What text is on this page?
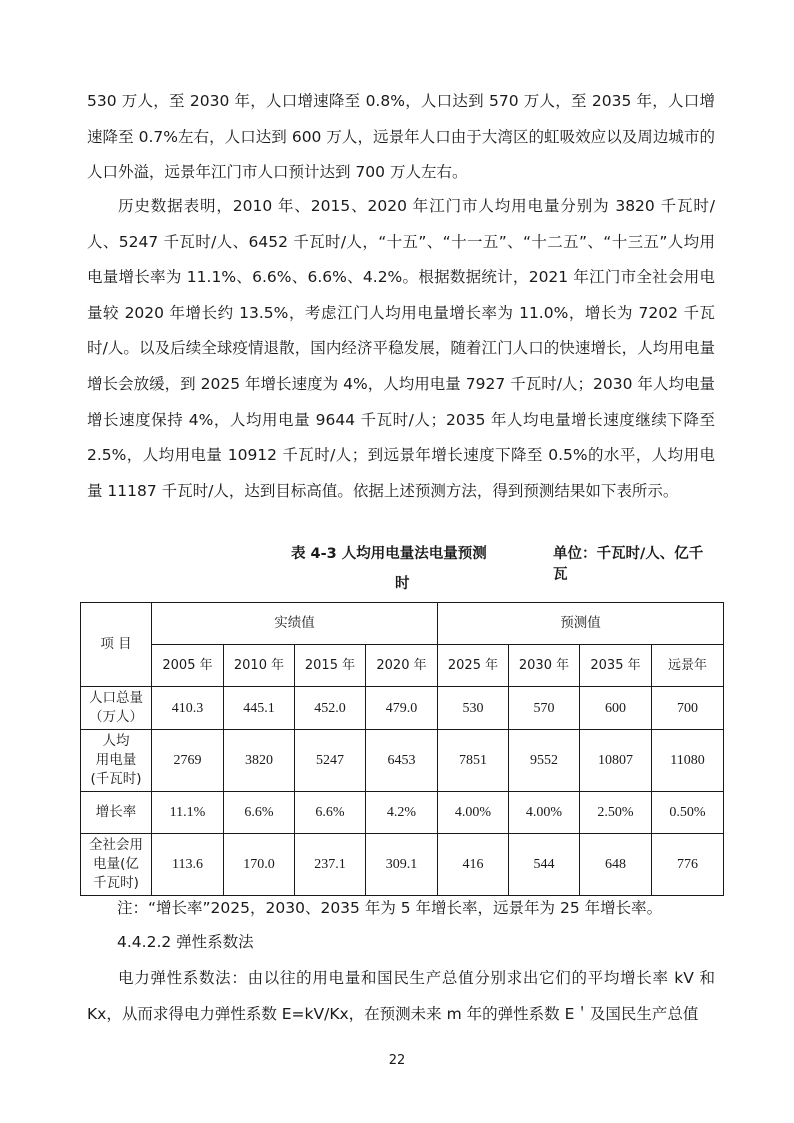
530 万人，至 2030 年，人口增速降至 0.8%，人口达到 570 万人，至 2035 年，人口增速降至 0.7%左右，人口达到 600 万人，远景年人口由于大湾区的虹吸效应以及周边城市的人口外溢，远景年江门市人口预计达到 700 万人左右。

历史数据表明，2010 年、2015、2020 年江门市人均用电量分别为 3820 千瓦时/人、5247 千瓦时/人、6452 千瓦时/人，“十五”、“十一五”、“十二五”、“十三五”人均用电量增长率为 11.1%、6.6%、6.6%、4.2%。根据数据统计，2021 年江门市全社会用电量较 2020 年增长约 13.5%，考虑江门人均用电量增长率为 11.0%，增长为 7202 千瓦时/人。以及后续全球疫情退散，国内经济平稳发展，随着江门人口的快速增长，人均用电量增长会放缓，到 2025 年增长速度为 4%，人均用电量 7927 千瓦时/人；2030 年人均电量增长速度保持 4%，人均用电量 9644 千瓦时/人；2035 年人均电量增长速度继续下降至 2.5%，人均用电量 10912 千瓦时/人；到远景年增长速度下降至 0.5%的水平，人均用电量 11187 千瓦时/人，达到目标高值。依据上述预测方法，得到预测结果如下表所示。

表 4-3 人均用电量法电量预测	单位：千瓦时/人、亿千瓦
时
项 目	实绩值				预测值			
	2005 年	2010 年	2015 年	2020 年	2025 年	2030 年	2035 年	远景年

人口总量
（万人）	410.3	445.1	452.0	479.0	530	570	600	700

人均
用电量
(千瓦时)	2769	3820	5247	6453	7851	9552	10807	11080

增长率	11.1%	6.6%	6.6%	4.2%	4.00%	4.00%	2.50%	0.50%

全社会用
电量(亿
千瓦时)	113.6	170.0	237.1	309.1	416	544	648	776
注：“增长率”2025，2030、2035 年为 5 年增长率，远景年为 25 年增长率。
4.4.2.2 弹性系数法

电力弹性系数法：由以往的用电量和国民生产总值分别求出它们的平均增长率 kV 和 Kx，从而求得电力弹性系数 E=kV/Kx，在预测未来 m 年的弹性系数 E＇及国民生产总值

22
